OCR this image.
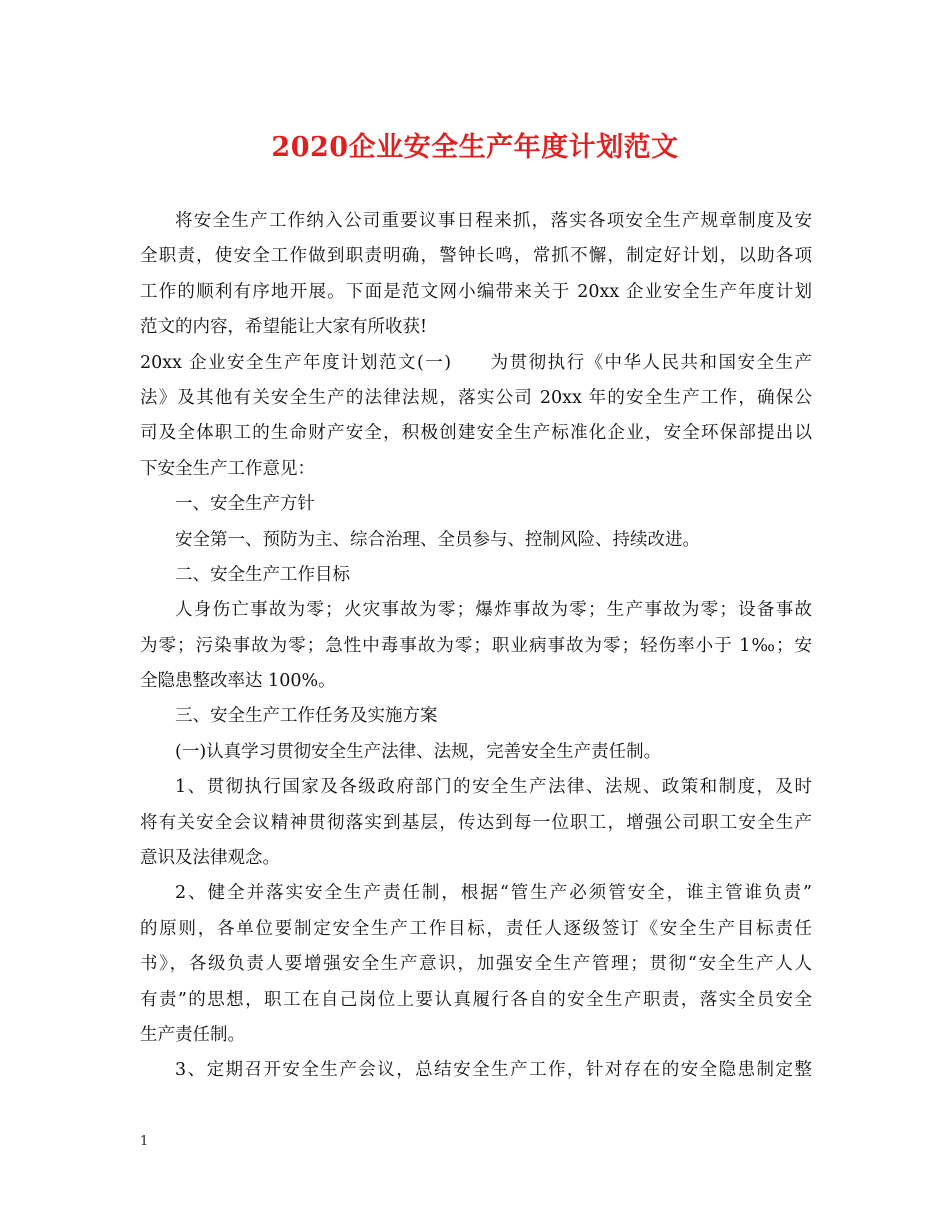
2020企业安全生产年度计划范文
将安全生产工作纳入公司重要议事日程来抓，落实各项安全生产规章制度及安
全职责，使安全工作做到职责明确，警钟长鸣，常抓不懈，制定好计划，以助各项
工作的顺利有序地开展。下面是范文网小编带来关于 20xx 企业安全生产年度计划
范文的内容，希望能让大家有所收获!
20xx 企业安全生产年度计划范文(一)　　为贯彻执行《中华人民共和国安全生产
法》及其他有关安全生产的法律法规，落实公司 20xx 年的安全生产工作，确保公
司及全体职工的生命财产安全，积极创建安全生产标准化企业，安全环保部提出以
下安全生产工作意见：
一、安全生产方针
安全第一、预防为主、综合治理、全员参与、控制风险、持续改进。
二、安全生产工作目标
人身伤亡事故为零；火灾事故为零；爆炸事故为零；生产事故为零；设备事故
为零；污染事故为零；急性中毒事故为零；职业病事故为零；轻伤率小于 1‰；安
全隐患整改率达 100%。
三、安全生产工作任务及实施方案
(一)认真学习贯彻安全生产法律、法规，完善安全生产责任制。
1、贯彻执行国家及各级政府部门的安全生产法律、法规、政策和制度，及时
将有关安全会议精神贯彻落实到基层，传达到每一位职工，增强公司职工安全生产
意识及法律观念。
2、健全并落实安全生产责任制，根据“管生产必须管安全，谁主管谁负责”
的原则，各单位要制定安全生产工作目标，责任人逐级签订《安全生产目标责任
书》，各级负责人要增强安全生产意识，加强安全生产管理；贯彻“安全生产人人
有责”的思想，职工在自己岗位上要认真履行各自的安全生产职责，落实全员安全
生产责任制。
3、定期召开安全生产会议，总结安全生产工作，针对存在的安全隐患制定整
1
